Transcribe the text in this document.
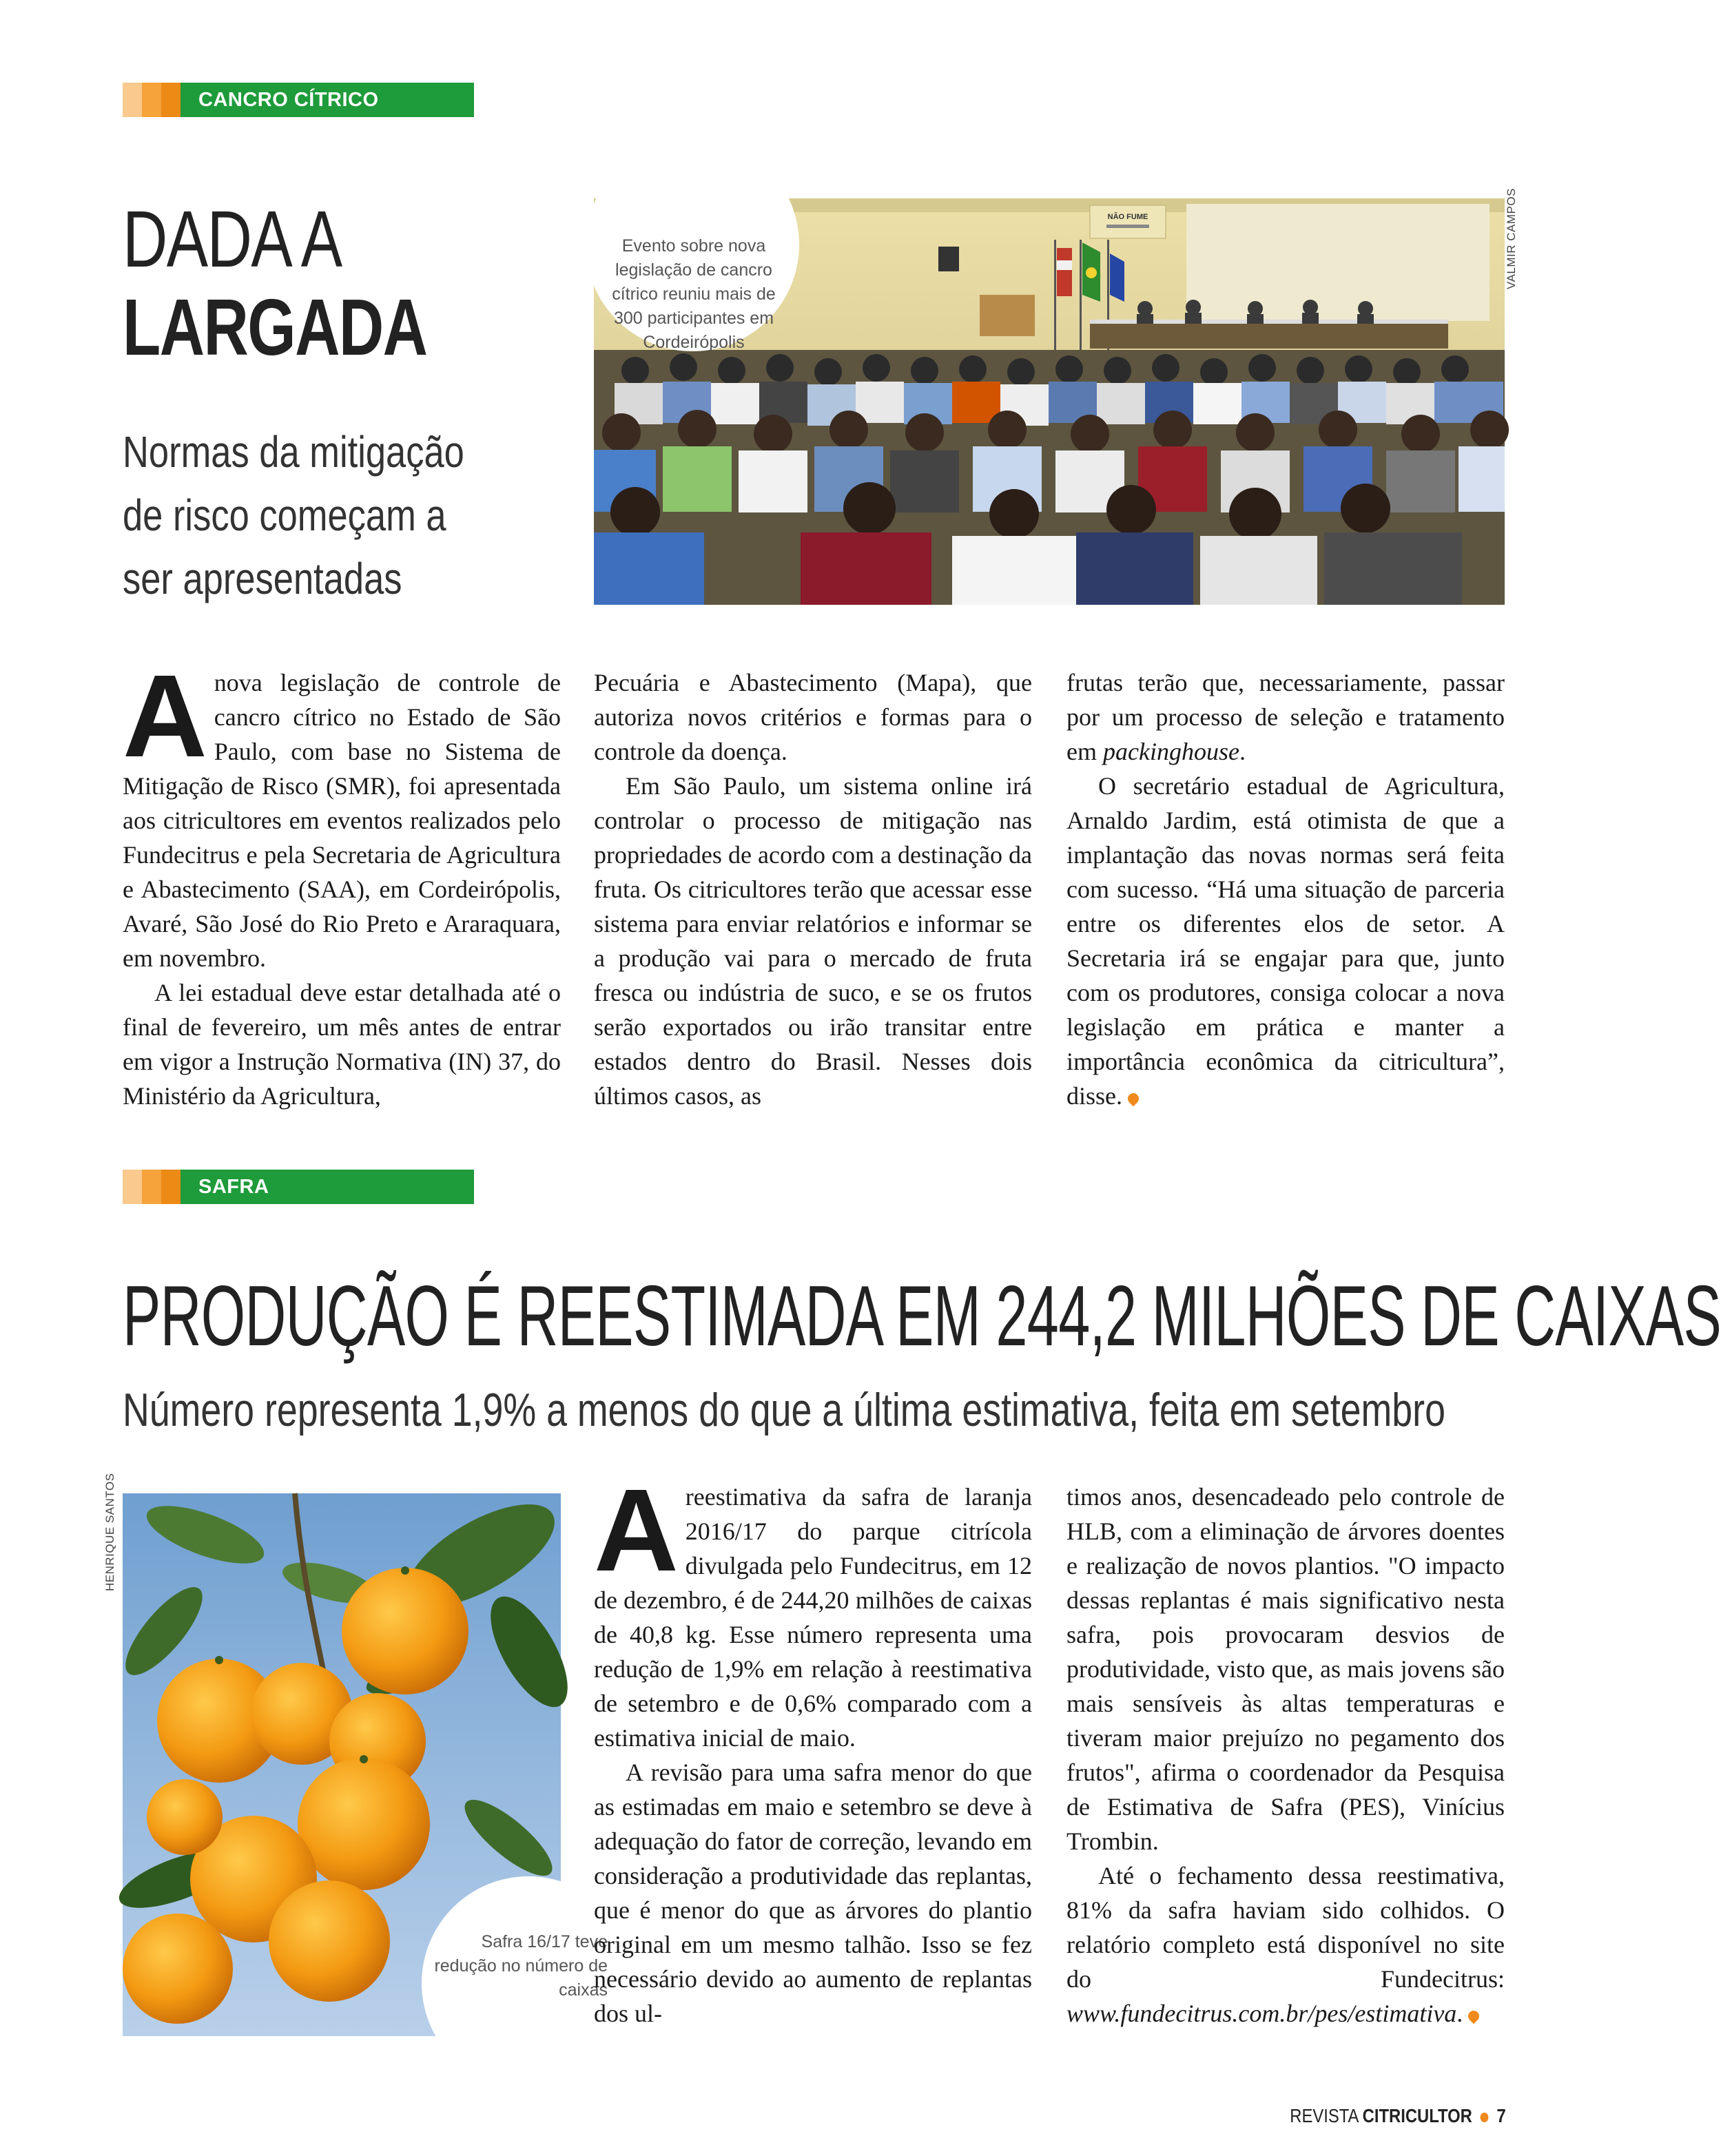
CANCRO CÍTRICO
DADA A
LARGADA
Normas da mitigação de risco começam a ser apresentadas
NÃO FUME
Evento sobre nova legislação de cancro cítrico reuniu mais de 300 participantes em Cordeirópolis
VALMIR CAMPOS

Anova legislação de controle de cancro cítrico no Estado de São Paulo, com base no Sistema de Mitigação de Risco (SMR), foi apresentada aos citricultores em eventos realizados pelo Fundecitrus e pela Secretaria de Agricultura e Abastecimento (SAA), em Cordeirópolis, Avaré, São José do Rio Preto e Araraquara, em novembro.

A lei estadual deve estar detalhada até o final de fevereiro, um mês antes de entrar em vigor a Instrução Normativa (IN) 37, do Ministério da Agricultura,

Pecuária e Abastecimento (Mapa), que autoriza novos critérios e formas para o controle da doença.

Em São Paulo, um sistema online irá controlar o processo de mitigação nas propriedades de acordo com a destinação da fruta. Os citricultores terão que acessar esse sistema para enviar relatórios e informar se a produção vai para o mercado de fruta fresca ou indústria de suco, e se os frutos serão exportados ou irão transitar entre estados dentro do Brasil. Nesses dois últimos casos, as

frutas terão que, necessariamente, passar por um processo de seleção e tratamento em packinghouse.

O secretário estadual de Agricultura, Arnaldo Jardim, está otimista de que a implantação das novas normas será feita com sucesso. “Há uma situação de parceria entre os diferentes elos de setor. A Secretaria irá se engajar para que, junto com os produtores, consiga colocar a nova legislação em prática e manter a importância econômica da citricultura”, disse.

SAFRA
PRODUÇÃO É REESTIMADA EM 244,2 MILHÕES DE CAIXAS
Número representa 1,9% a menos do que a última estimativa, feita em setembro
Safra 16/17 teve redução no número de caixas
HENRIQUE SANTOS	Areestimativa da safra de laranja 2016/17 do parque citrícola divulgada pelo Fundecitrus, em 12 de dezembro, é de 244,20 milhões de caixas de 40,8 kg. Esse número representa uma redução de 1,9% em relação à reestimativa de setembro e de 0,6% comparado com a estimativa inicial de maio.

A revisão para uma safra menor do que as estimadas em maio e setembro se deve à adequação do fator de correção, levando em consideração a produtividade das replantas, que é menor do que as árvores do plantio original em um mesmo talhão. Isso se fez necessário devido ao aumento de replantas dos ul-

timos anos, desencadeado pelo controle de HLB, com a eliminação de árvores doentes e realização de novos plantios. "O impacto dessas replantas é mais significativo nesta safra, pois provocaram desvios de produtividade, visto que, as mais jovens são mais sensíveis às altas temperaturas e tiveram maior prejuízo no pegamento dos frutos", afirma o coordenador da Pesquisa de Estimativa de Safra (PES), Vinícius Trombin.

Até o fechamento dessa reestimativa, 81% da safra haviam sido colhidos. O relatório completo está disponível no site do Fundecitrus: www.fundecitrus.com.br/pes/estimativa.

REVISTA CITRICULTOR 7
